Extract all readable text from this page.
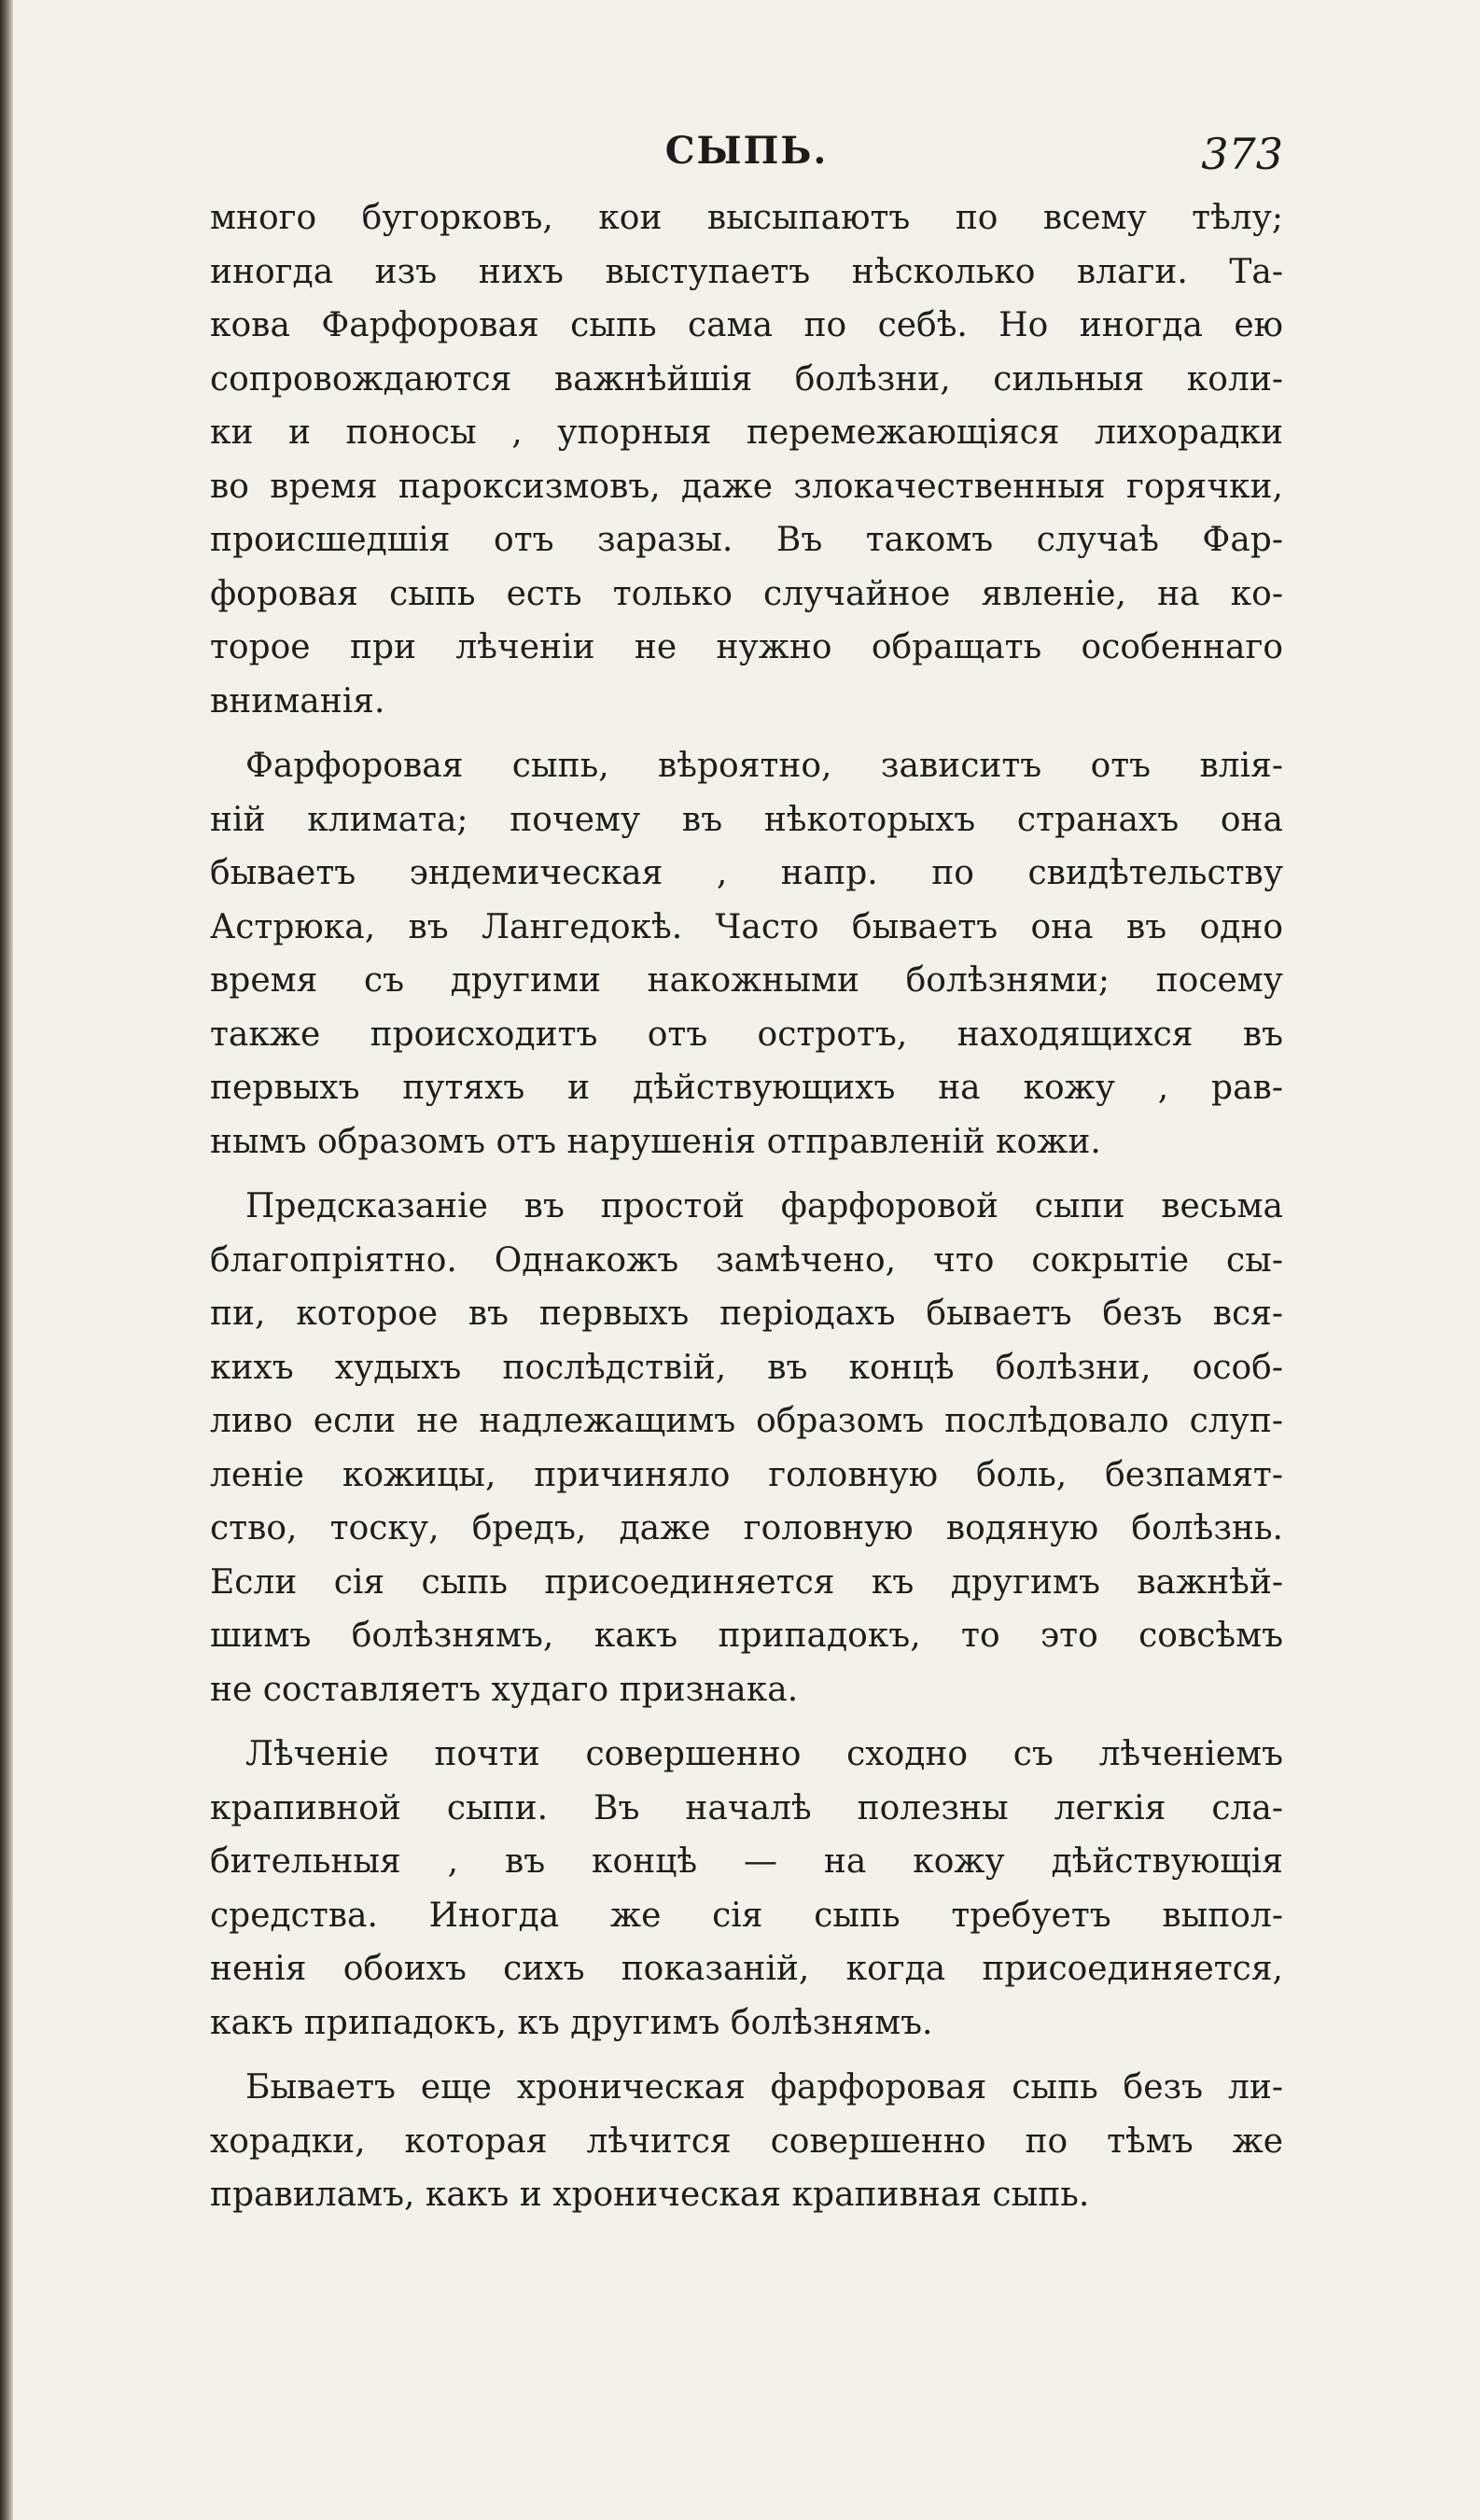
СЫПЬ.	373
много бугорковъ, кои высыпаютъ по всему тѣлу;
иногда изъ нихъ выступаетъ нѣсколько влаги. Та-
кова Фарфоровая сыпь сама по себѣ. Но иногда ею
сопровождаются важнѣйшія болѣзни, сильныя коли-
ки и поносы , упорныя перемежающіяся лихорадки
во время пароксизмовъ, даже злокачественныя горячки,
происшедшія отъ заразы. Въ такомъ случаѣ Фар-
форовая сыпь есть только случайное явленіе, на ко-
торое при лѣченіи не нужно обращать особеннаго
вниманія.
Фарфоровая сыпь, вѣроятно, зависитъ отъ влія-
ній климата; почему въ нѣкоторыхъ странахъ она
бываетъ эндемическая , напр. по свидѣтельству
Астрюка, въ Лангедокѣ. Часто бываетъ она въ одно
время съ другими накожными болѣзнями; посему
также происходитъ отъ остротъ, находящихся въ
первыхъ путяхъ и дѣйствующихъ на кожу , рав-
нымъ образомъ отъ нарушенія отправленій кожи.
Предсказаніе въ простой фарфоровой сыпи весьма
благопріятно. Однакожъ замѣчено, что сокрытіе сы-
пи, которое въ первыхъ періодахъ бываетъ безъ вся-
кихъ худыхъ послѣдствій, въ концѣ болѣзни, особ-
ливо если не надлежащимъ образомъ послѣдовало слуп-
леніе кожицы, причиняло головную боль, безпамят-
ство, тоску, бредъ, даже головную водяную болѣзнь.
Если сія сыпь присоединяется къ другимъ важнѣй-
шимъ болѣзнямъ, какъ припадокъ, то это совсѣмъ
не составляетъ худаго признака.
Лѣченіе почти совершенно сходно съ лѣченіемъ
крапивной сыпи. Въ началѣ полезны легкія сла-
бительныя , въ концѣ — на кожу дѣйствующія
средства. Иногда же сія сыпь требуетъ выпол-
ненія обоихъ сихъ показаній, когда присоединяется,
какъ припадокъ, къ другимъ болѣзнямъ.
Бываетъ еще хроническая фарфоровая сыпь безъ ли-
хорадки, которая лѣчится совершенно по тѣмъ же
правиламъ, какъ и хроническая крапивная сыпь.
